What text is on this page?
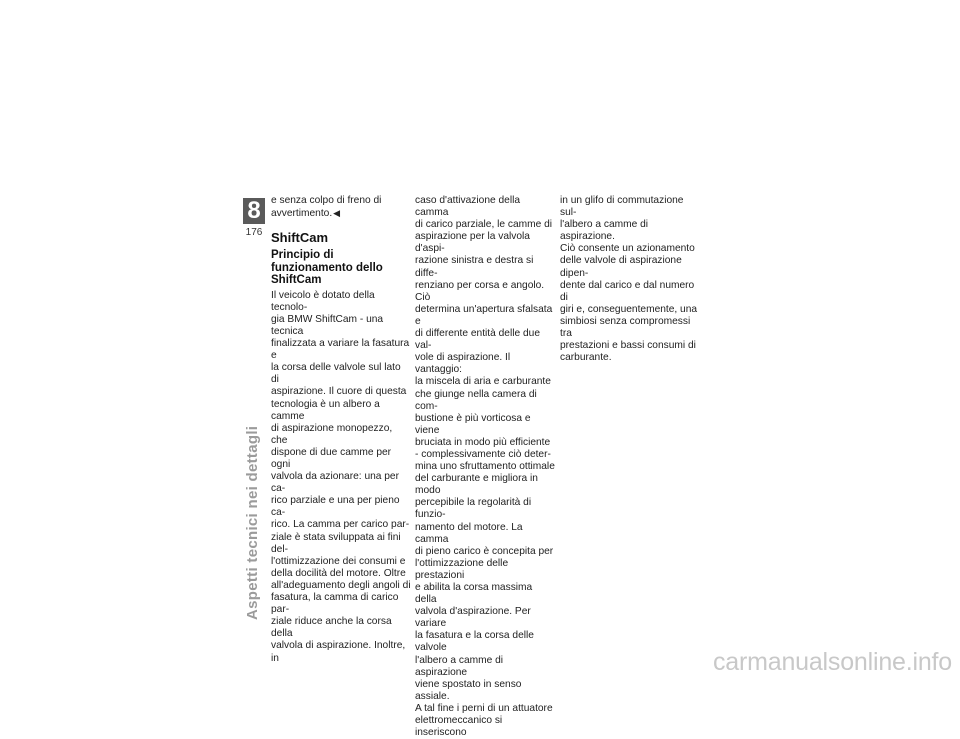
8
176
Aspetti tecnici nei dettagli

e senza colpo di freno di
avvertimento.◀

ShiftCam
Principio di
funzionamento dello
ShiftCam

Il veicolo è dotato della tecnolo-
gia BMW ShiftCam - una tecnica
finalizzata a variare la fasatura e
la corsa delle valvole sul lato di
aspirazione. Il cuore di questa
tecnologia è un albero a camme
di aspirazione monopezzo, che
dispone di due camme per ogni
valvola da azionare: una per ca-
rico parziale e una per pieno ca-
rico. La camma per carico par-
ziale è stata sviluppata ai fini del-
l'ottimizzazione dei consumi e
della docilità del motore. Oltre
all'adeguamento degli angoli di
fasatura, la camma di carico par-
ziale riduce anche la corsa della
valvola di aspirazione. Inoltre, in

caso d'attivazione della camma
di carico parziale, le camme di
aspirazione per la valvola d'aspi-
razione sinistra e destra si diffe-
renziano per corsa e angolo. Ciò
determina un'apertura sfalsata e
di differente entità delle due val-
vole di aspirazione. Il vantaggio:
la miscela di aria e carburante
che giunge nella camera di com-
bustione è più vorticosa e viene
bruciata in modo più efficiente
- complessivamente ciò deter-
mina uno sfruttamento ottimale
del carburante e migliora in modo
percepibile la regolarità di funzio-
namento del motore. La camma
di pieno carico è concepita per
l'ottimizzazione delle prestazioni
e abilita la corsa massima della
valvola d'aspirazione. Per variare
la fasatura e la corsa delle valvole
l'albero a camme di aspirazione
viene spostato in senso assiale.
A tal fine i perni di un attuatore
elettromeccanico si inseriscono

in un glifo di commutazione sul-
l'albero a camme di aspirazione.
Ciò consente un azionamento
delle valvole di aspirazione dipen-
dente dal carico e dal numero di
giri e, conseguentemente, una
simbiosi senza compromessi tra
prestazioni e bassi consumi di
carburante.

carmanualsonline.info
